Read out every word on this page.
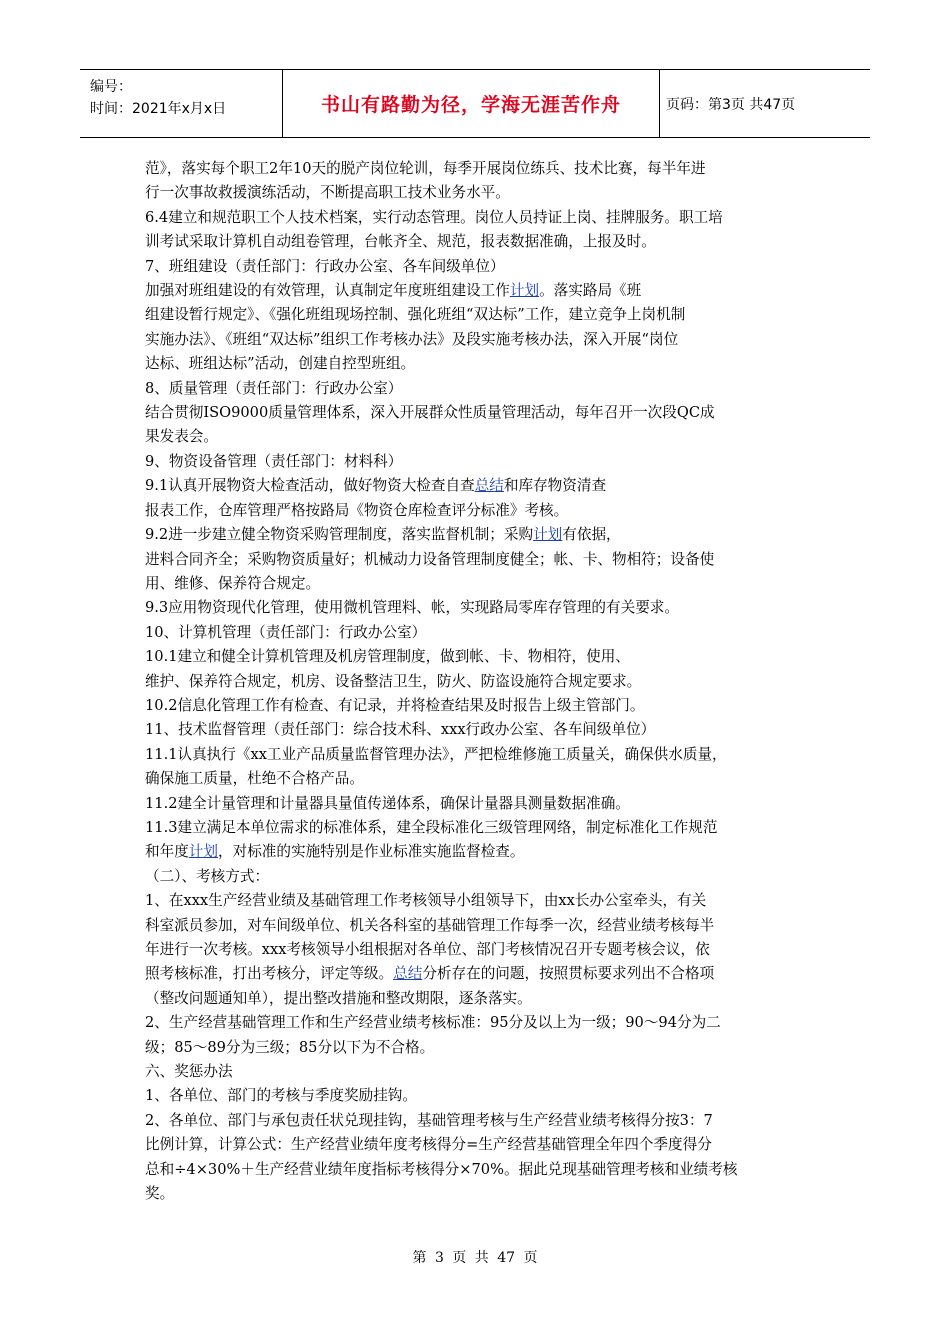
编号：
时间：2021年x月x日	书山有路勤为径，学海无涯苦作舟	页码：第3页 共47页

范》，落实每个职工2年10天的脱产岗位轮训，每季开展岗位练兵、技术比赛，每半年进

行一次事故救援演练活动，不断提高职工技术业务水平。

6.4建立和规范职工个人技术档案，实行动态管理。岗位人员持证上岗、挂牌服务。职工培

训考试采取计算机自动组卷管理，台帐齐全、规范，报表数据准确，上报及时。

7、班组建设（责任部门：行政办公室、各车间级单位）

加强对班组建设的有效管理，认真制定年度班组建设工作计划。落实路局《班

组建设暂行规定》、《强化班组现场控制、强化班组“双达标”工作，建立竞争上岗机制

实施办法》、《班组“双达标”组织工作考核办法》及段实施考核办法，深入开展“岗位

达标、班组达标”活动，创建自控型班组。

8、质量管理（责任部门：行政办公室）

结合贯彻ISO9000质量管理体系，深入开展群众性质量管理活动，每年召开一次段QC成

果发表会。

9、物资设备管理（责任部门：材料科）

9.1认真开展物资大检查活动，做好物资大检查自查总结和库存物资清查

报表工作，仓库管理严格按路局《物资仓库检查评分标准》考核。

9.2进一步建立健全物资采购管理制度，落实监督机制；采购计划有依据，

进料合同齐全；采购物资质量好；机械动力设备管理制度健全；帐、卡、物相符；设备使

用、维修、保养符合规定。

9.3应用物资现代化管理，使用微机管理料、帐，实现路局零库存管理的有关要求。

10、计算机管理（责任部门：行政办公室）

10.1建立和健全计算机管理及机房管理制度，做到帐、卡、物相符，使用、

维护、保养符合规定，机房、设备整洁卫生，防火、防盗设施符合规定要求。

10.2信息化管理工作有检查、有记录，并将检查结果及时报告上级主管部门。

11、技术监督管理（责任部门：综合技术科、xxx行政办公室、各车间级单位）

11.1认真执行《xx工业产品质量监督管理办法》，严把检维修施工质量关，确保供水质量，

确保施工质量，杜绝不合格产品。

11.2建全计量管理和计量器具量值传递体系，确保计量器具测量数据准确。

11.3建立满足本单位需求的标准体系，建全段标准化三级管理网络，制定标准化工作规范

和年度计划，对标准的实施特别是作业标准实施监督检查。

（二）、考核方式：

1、在xxx生产经营业绩及基础管理工作考核领导小组领导下，由xx长办公室牵头，有关

科室派员参加，对车间级单位、机关各科室的基础管理工作每季一次，经营业绩考核每半

年进行一次考核。xxx考核领导小组根据对各单位、部门考核情况召开专题考核会议，依

照考核标准，打出考核分，评定等级。总结分析存在的问题，按照贯标要求列出不合格项

（整改问题通知单），提出整改措施和整改期限，逐条落实。

2、生产经营基础管理工作和生产经营业绩考核标准：95分及以上为一级；90～94分为二

级；85～89分为三级；85分以下为不合格。

六、奖惩办法

1、各单位、部门的考核与季度奖励挂钩。

2、各单位、部门与承包责任状兑现挂钩，基础管理考核与生产经营业绩考核得分按3：7

比例计算，计算公式：生产经营业绩年度考核得分=生产经营基础管理全年四个季度得分

总和÷4×30%＋生产经营业绩年度指标考核得分×70%。据此兑现基础管理考核和业绩考核

奖。

第 3 页 共 47 页
